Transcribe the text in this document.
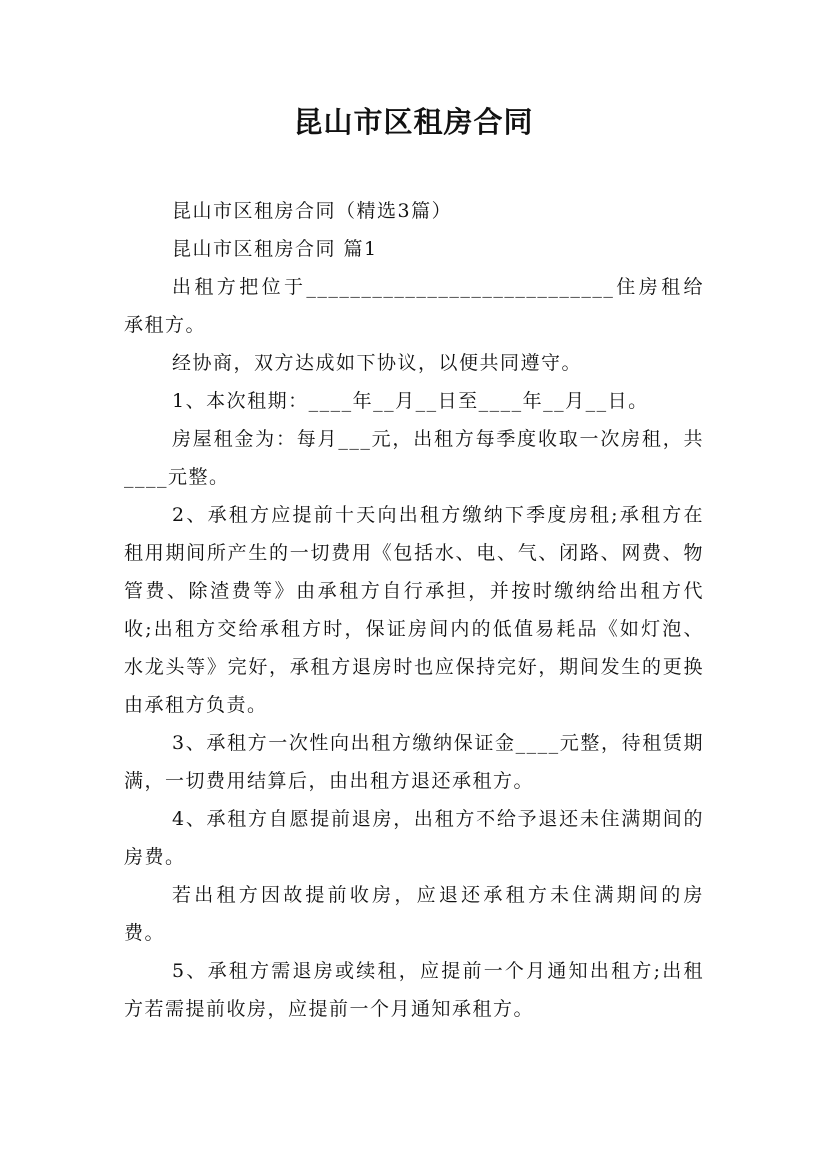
昆山市区租房合同

昆山市区租房合同（精选3篇）

昆山市区租房合同 篇1

出租方把位于____________________________住房租给承租方。

经协商，双方达成如下协议，以便共同遵守。

1、本次租期：____年__月__日至____年__月__日。

房屋租金为：每月___元，出租方每季度收取一次房租，共____元整。

2、承租方应提前十天向出租方缴纳下季度房租;承租方在租用期间所产生的一切费用《包括水、电、气、闭路、网费、物管费、除渣费等》由承租方自行承担，并按时缴纳给出租方代收;出租方交给承租方时，保证房间内的低值易耗品《如灯泡、水龙头等》完好，承租方退房时也应保持完好，期间发生的更换由承租方负责。

3、承租方一次性向出租方缴纳保证金____元整，待租赁期满，一切费用结算后，由出租方退还承租方。

4、承租方自愿提前退房，出租方不给予退还未住满期间的房费。

若出租方因故提前收房，应退还承租方未住满期间的房费。

5、承租方需退房或续租，应提前一个月通知出租方;出租方若需提前收房，应提前一个月通知承租方。
